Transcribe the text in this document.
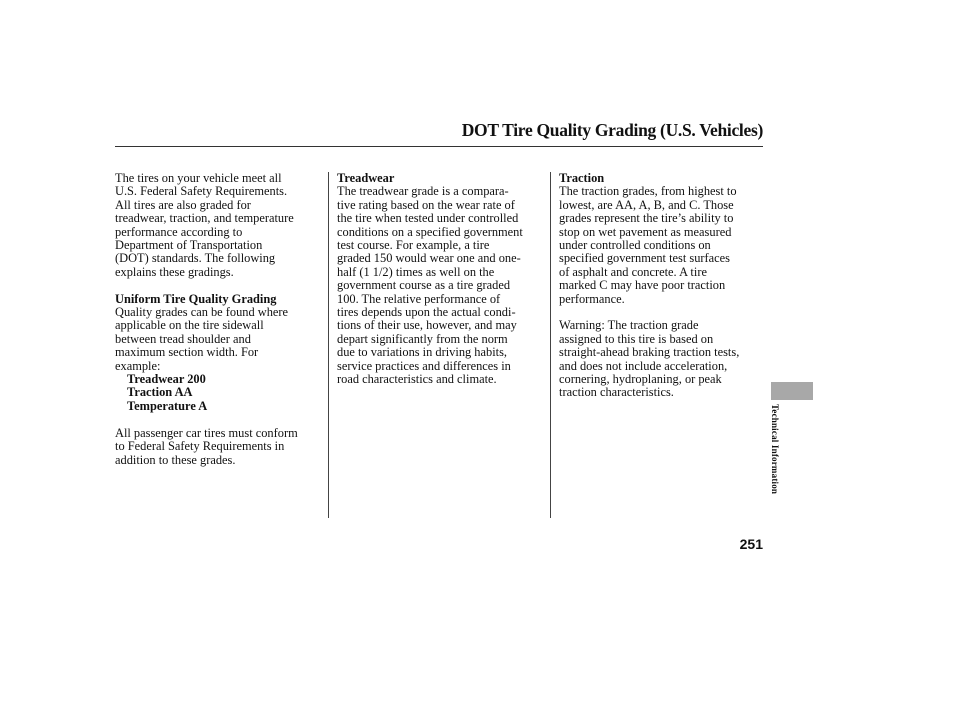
DOT Tire Quality Grading (U.S. Vehicles)

The tires on your vehicle meet all

U.S. Federal Safety Requirements.

All tires are also graded for

treadwear, traction, and temperature

performance according to

Department of Transportation

(DOT) standards. The following

explains these gradings.

Uniform Tire Quality Grading

Quality grades can be found where

applicable on the tire sidewall

between tread shoulder and

maximum section width. For

example:

Treadwear 200

Traction AA

Temperature A

All passenger car tires must conform

to Federal Safety Requirements in

addition to these grades.

Treadwear

The treadwear grade is a compara-

tive rating based on the wear rate of

the tire when tested under controlled

conditions on a specified government

test course. For example, a tire

graded 150 would wear one and one-

half (1 1/2) times as well on the

government course as a tire graded

100. The relative performance of

tires depends upon the actual condi-

tions of their use, however, and may

depart significantly from the norm

due to variations in driving habits,

service practices and differences in

road characteristics and climate.

Traction

The traction grades, from highest to

lowest, are AA, A, B, and C. Those

grades represent the tire’s ability to

stop on wet pavement as measured

under controlled conditions on

specified government test surfaces

of asphalt and concrete. A tire

marked C may have poor traction

performance.

Warning: The traction grade

assigned to this tire is based on

straight-ahead braking traction tests,

and does not include acceleration,

cornering, hydroplaning, or peak

traction characteristics.

Technical Information
251
